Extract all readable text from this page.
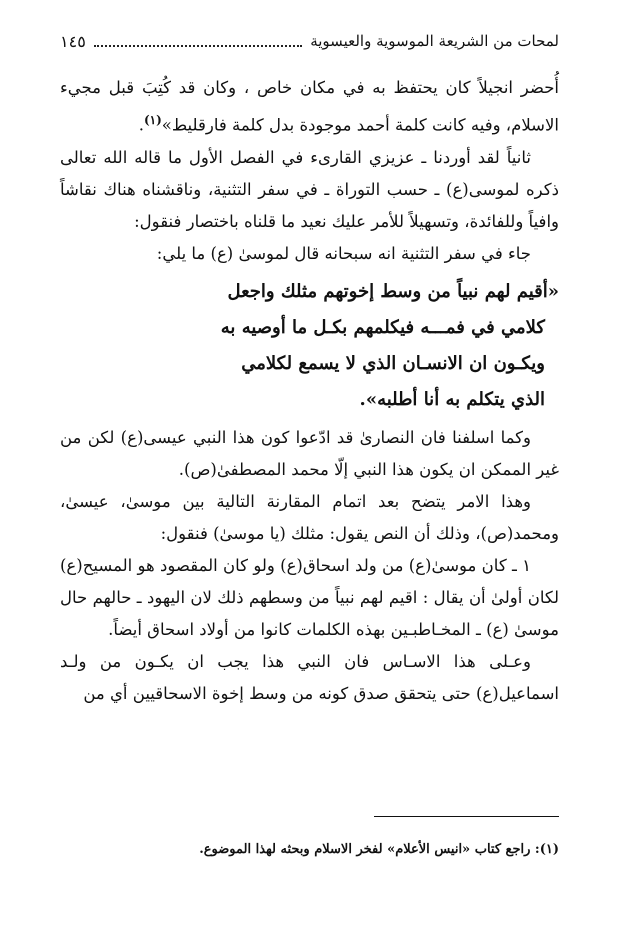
لمحات من الشريعة الموسوية والعيسوية
١٤٥

أُحضر انجيلاً كان يحتفظ به في مكان خاص ، وكان قد كُتِبَ قبل مجيء الاسلام، وفيه كانت كلمة أحمد موجودة بدل كلمة فارقليط»$^{(١)}$.

ثانياً لقد أوردنا ـ عزيزي القارىء في الفصل الأول ما قاله الله تعالى ذكره لموسى(ع) ـ حسب التوراة ـ في سفر التثنية، وناقشناه هناك نقاشاً وافياً وللفائدة، وتسهيلاً للأمر عليك نعيد ما قلناه باختصار فنقول:

جاء في سفر التثنية انه سبحانه قال لموسىٰ (ع) ما يلي:

«أقيم لهم نبياً من وسط إخوتهم مثلك واجعل
كلامي في فمـــه فيكلمهم بكـل ما أوصيه به
ويكـون ان الانسـان الذي لا يسمع لكلامي
الذي يتكلم به أنا أطلبه».

وكما اسلفنا فان النصارىٰ قد ادّعوا كون هذا النبي عيسى(ع) لكن من غير الممكن ان يكون هذا النبي إلّا محمد المصطفىٰ(ص).

وهذا الامر يتضح بعد اتمام المقارنة التالية بين موسىٰ، عيسىٰ، ومحمد(ص)، وذلك أن النص يقول: مثلك (يا موسىٰ) فنقول:

١ ـ كان موسىٰ(ع) من ولد اسحاق(ع) ولو كان المقصود هو المسيح(ع) لكان أولىٰ أن يقال : اقيم لهم نبياً من وسطهم ذلك لان اليهود ـ حالهم حال موسىٰ (ع) ـ المخـاطبـين بهذه الكلمات كانوا من أولاد اسحاق أيضاً.

وعـلى هذا الاسـاس فان النبي هذا يجب ان يكـون من ولـد اسماعيل(ع) حتى يتحقق صدق كونه من وسط إخوة الاسحاقيين أي من

(١): راجع كتاب «انيس الأعلام» لفخر الاسلام وبحثه لهذا الموضوع.
